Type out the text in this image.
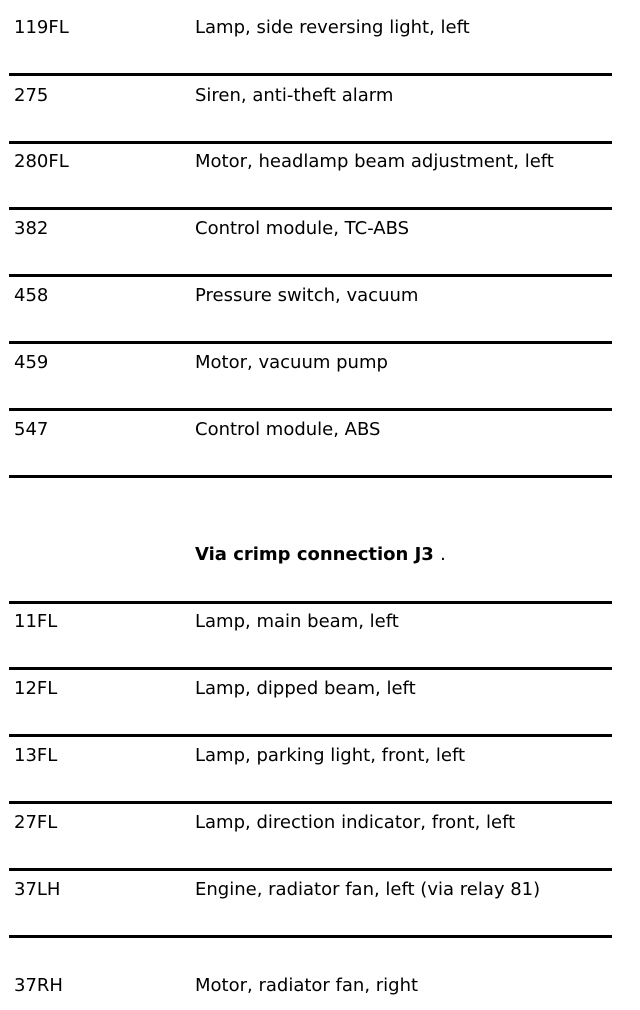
119FL	Lamp, side reversing light, left
275	Siren, anti-theft alarm
280FL	Motor, headlamp beam adjustment, left
382	Control module, TC-ABS
458	Pressure switch, vacuum
459	Motor, vacuum pump
547	Control module, ABS
Via crimp connection J3 .
11FL	Lamp, main beam, left
12FL	Lamp, dipped beam, left
13FL	Lamp, parking light, front, left
27FL	Lamp, direction indicator, front, left
37LH	Engine, radiator fan, left (via relay 81)
37RH	Motor, radiator fan, right
